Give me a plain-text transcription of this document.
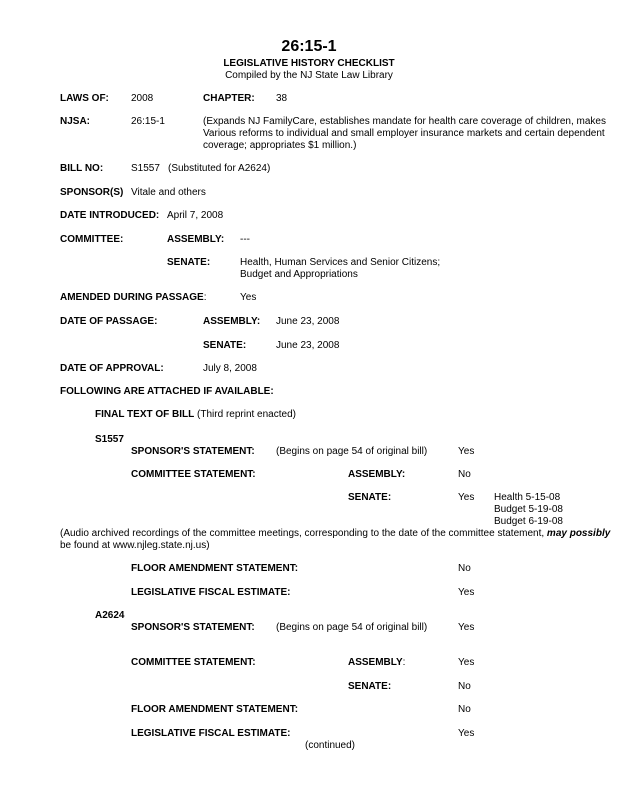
26:15-1
LEGISLATIVE HISTORY CHECKLIST
Compiled by the NJ State Law Library
LAWS OF: 2008	CHAPTER: 38
NJSA:	26:15-1	(Expands NJ FamilyCare, establishes mandate for health care coverage of children, makes
Various reforms to individual and small employer insurance markets and certain dependent
coverage; appropriates $1 million.)
BILL NO:	S1557 (Substituted for A2624)
SPONSOR(S) Vitale and others
DATE INTRODUCED: April 7, 2008
COMMITTEE:	ASSEMBLY: ---
SENATE:	Health, Human Services and Senior Citizens;
Budget and Appropriations
AMENDED DURING PASSAGE:	Yes
DATE OF PASSAGE:	ASSEMBLY: June 23, 2008
SENATE:	June 23, 2008
DATE OF APPROVAL:	July 8, 2008
FOLLOWING ARE ATTACHED IF AVAILABLE:
FINAL TEXT OF BILL (Third reprint enacted)
S1557
SPONSOR'S STATEMENT: (Begins on page 54 of original bill)	Yes
COMMITTEE STATEMENT:	ASSEMBLY:	No
SENATE:	Yes Health 5-15-08
Budget 5-19-08
Budget 6-19-08
(Audio archived recordings of the committee meetings, corresponding to the date of the committee statement, may possibly
be found at www.njleg.state.nj.us)
FLOOR AMENDMENT STATEMENT:	No
LEGISLATIVE FISCAL ESTIMATE:	Yes
A2624
SPONSOR'S STATEMENT: (Begins on page 54 of original bill)	Yes
COMMITTEE STATEMENT:	ASSEMBLY:	Yes
SENATE:	No
FLOOR AMENDMENT STATEMENT:	No
LEGISLATIVE FISCAL ESTIMATE:	Yes
(continued)
